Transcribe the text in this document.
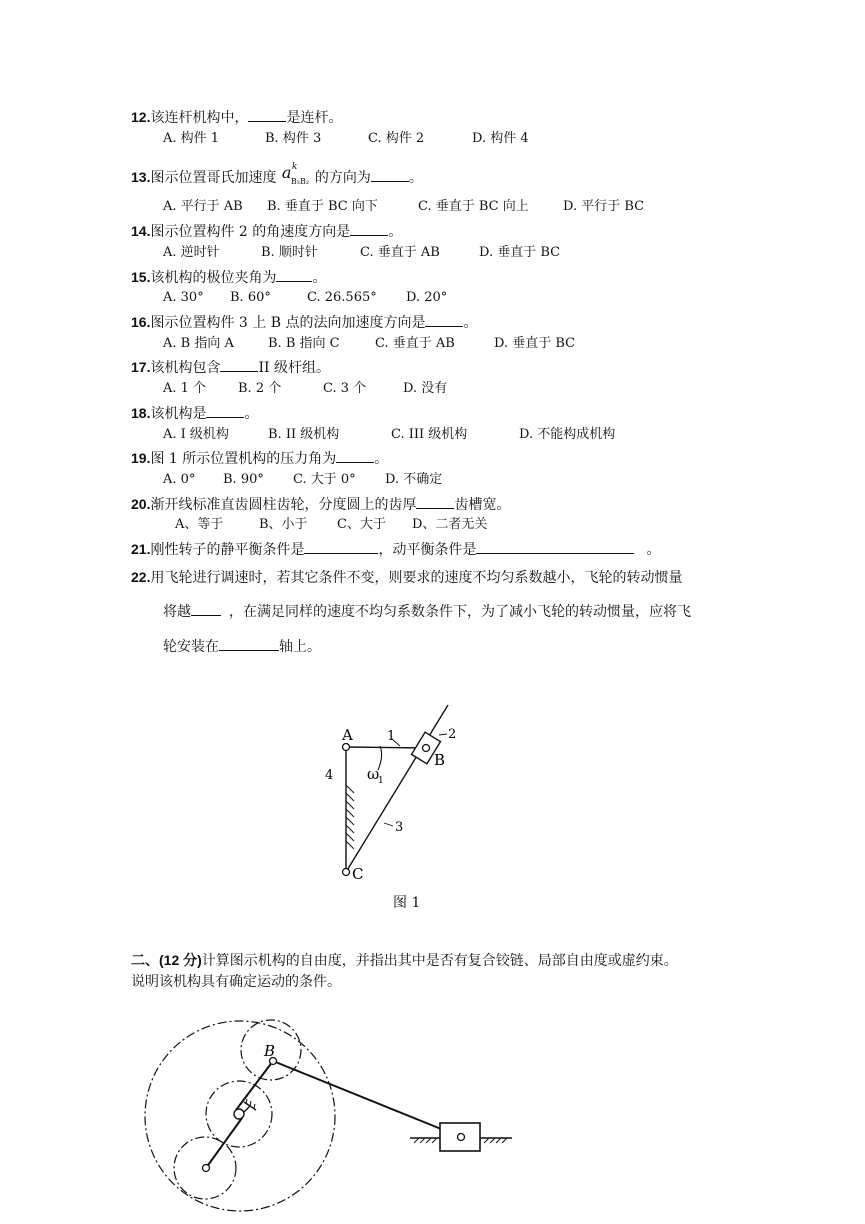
12.该连杆机构中，	是连杆。
A. 构件 1	B. 构件 3	C. 构件 2	D. 构件 4
13.图示位置哥氏加速度 a k
B₃B₂ 的方向为	。
A. 平行于 AB B. 垂直于 BC 向下	C. 垂直于 BC 向上	D. 平行于 BC
14.图示位置构件 2 的角速度方向是	。
A. 逆时针	B. 顺时针	C. 垂直于 AB	D. 垂直于 BC
15.该机构的极位夹角为	。
A. 30° B. 60°	C. 26.565° D. 20°
16.图示位置构件 3 上 B 点的法向加速度方向是	。
A. B 指向 A	B. B 指向 C	C. 垂直于 AB	D. 垂直于 BC
17.该机构包含	II 级杆组。
A. 1 个 B. 2 个	C. 3 个	D. 没有
18.该机构是	。
A. I 级机构	B. II 级机构	C. III 级机构	D. 不能构成机构
19.图 1 所示位置机构的压力角为	。
A. 0° B. 90° C. 大于 0° D. 不确定
20.渐开线标准直齿圆柱齿轮，分度圆上的齿厚	齿槽宽。
A、等于	B、小于 C、大于 D、二者无关
21.刚性转子的静平衡条件是	，动平衡条件是	。
22.用飞轮进行调速时，若其它条件不变，则要求的速度不均匀系数越小，飞轮的转动惯量
将越	，在满足同样的速度不均匀系数条件下，为了减小飞轮的转动惯量，应将飞
轮安装在	轴上。
A
B
C
1	2
3
4 ω
1
图 1
二、(12 分)计算图示机构的自由度，并指出其中是否有复合铰链、局部自由度或虚约束。
说明该机构具有确定运动的条件。
B
